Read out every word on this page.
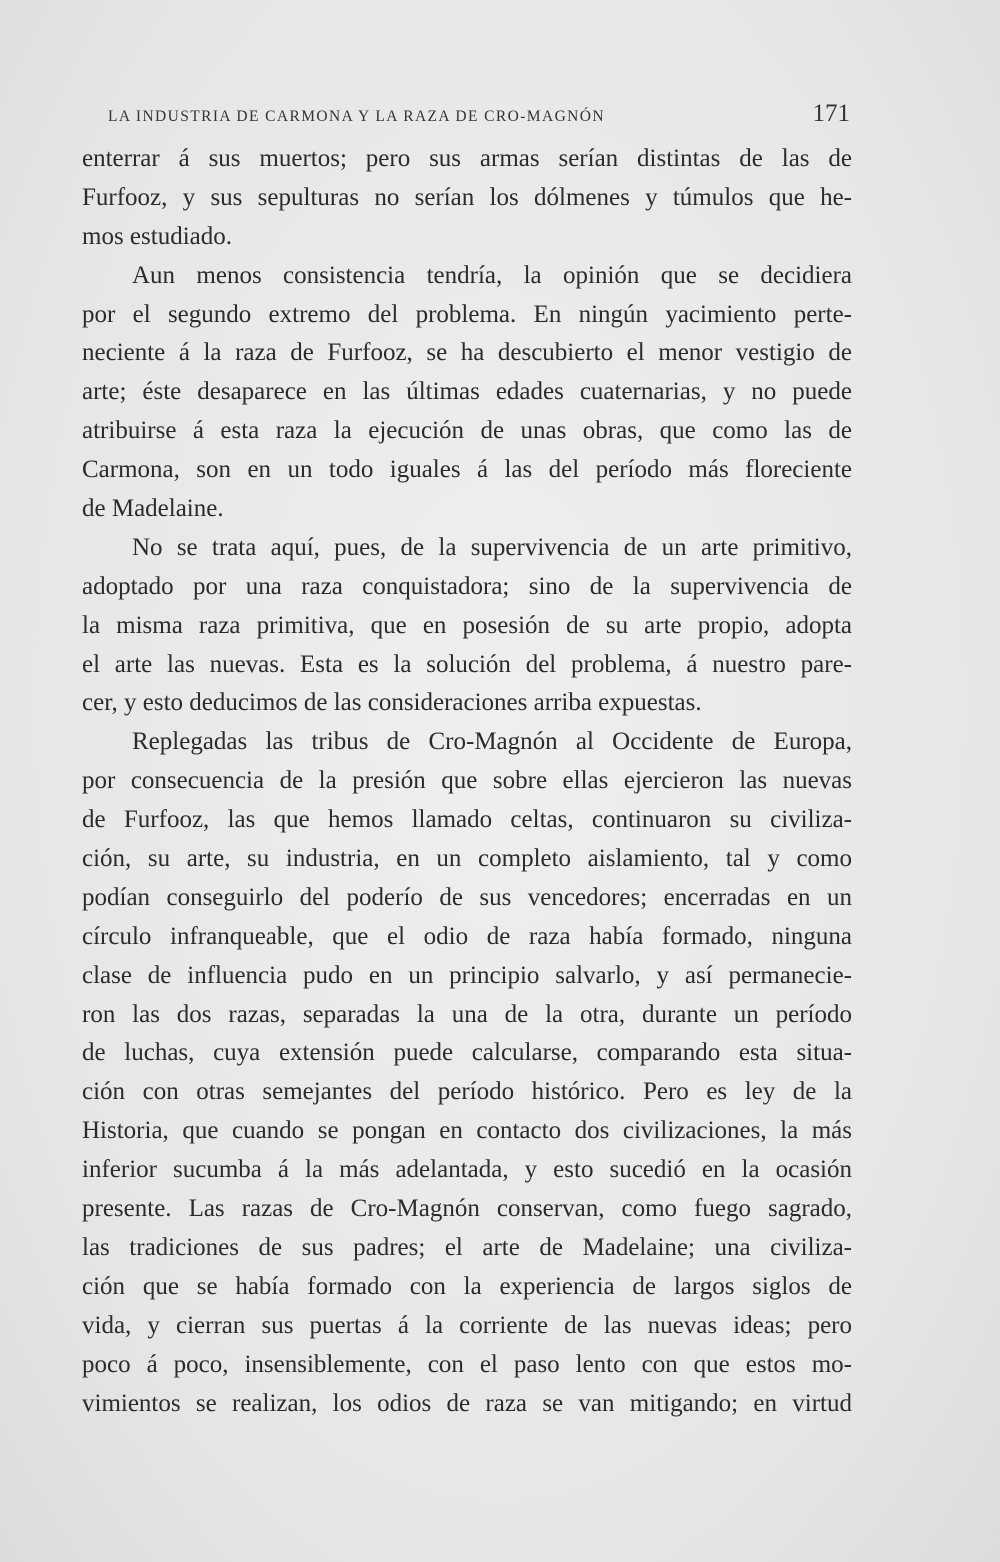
LA INDUSTRIA DE CARMONA Y LA RAZA DE CRO-MAGNÓN	171
enterrar á sus muertos; pero sus armas serían distintas de las de
Furfooz, y sus sepulturas no serían los dólmenes y túmulos que he-
mos estudiado.
Aun menos consistencia tendría, la opinión que se decidiera
por el segundo extremo del problema. En ningún yacimiento perte-
neciente á la raza de Furfooz, se ha descubierto el menor vestigio de
arte; éste desaparece en las últimas edades cuaternarias, y no puede
atribuirse á esta raza la ejecución de unas obras, que como las de
Carmona, son en un todo iguales á las del período más floreciente
de Madelaine.
No se trata aquí, pues, de la supervivencia de un arte primitivo,
adoptado por una raza conquistadora; sino de la supervivencia de
la misma raza primitiva, que en posesión de su arte propio, adopta
el arte las nuevas. Esta es la solución del problema, á nuestro pare-
cer, y esto deducimos de las consideraciones arriba expuestas.
Replegadas las tribus de Cro-Magnón al Occidente de Europa,
por consecuencia de la presión que sobre ellas ejercieron las nuevas
de Furfooz, las que hemos llamado celtas, continuaron su civiliza-
ción, su arte, su industria, en un completo aislamiento, tal y como
podían conseguirlo del poderío de sus vencedores; encerradas en un
círculo infranqueable, que el odio de raza había formado, ninguna
clase de influencia pudo en un principio salvarlo, y así permanecie-
ron las dos razas, separadas la una de la otra, durante un período
de luchas, cuya extensión puede calcularse, comparando esta situa-
ción con otras semejantes del período histórico. Pero es ley de la
Historia, que cuando se pongan en contacto dos civilizaciones, la más
inferior sucumba á la más adelantada, y esto sucedió en la ocasión
presente. Las razas de Cro-Magnón conservan, como fuego sagrado,
las tradiciones de sus padres; el arte de Madelaine; una civiliza-
ción que se había formado con la experiencia de largos siglos de
vida, y cierran sus puertas á la corriente de las nuevas ideas; pero
poco á poco, insensiblemente, con el paso lento con que estos mo-
vimientos se realizan, los odios de raza se van mitigando; en virtud
